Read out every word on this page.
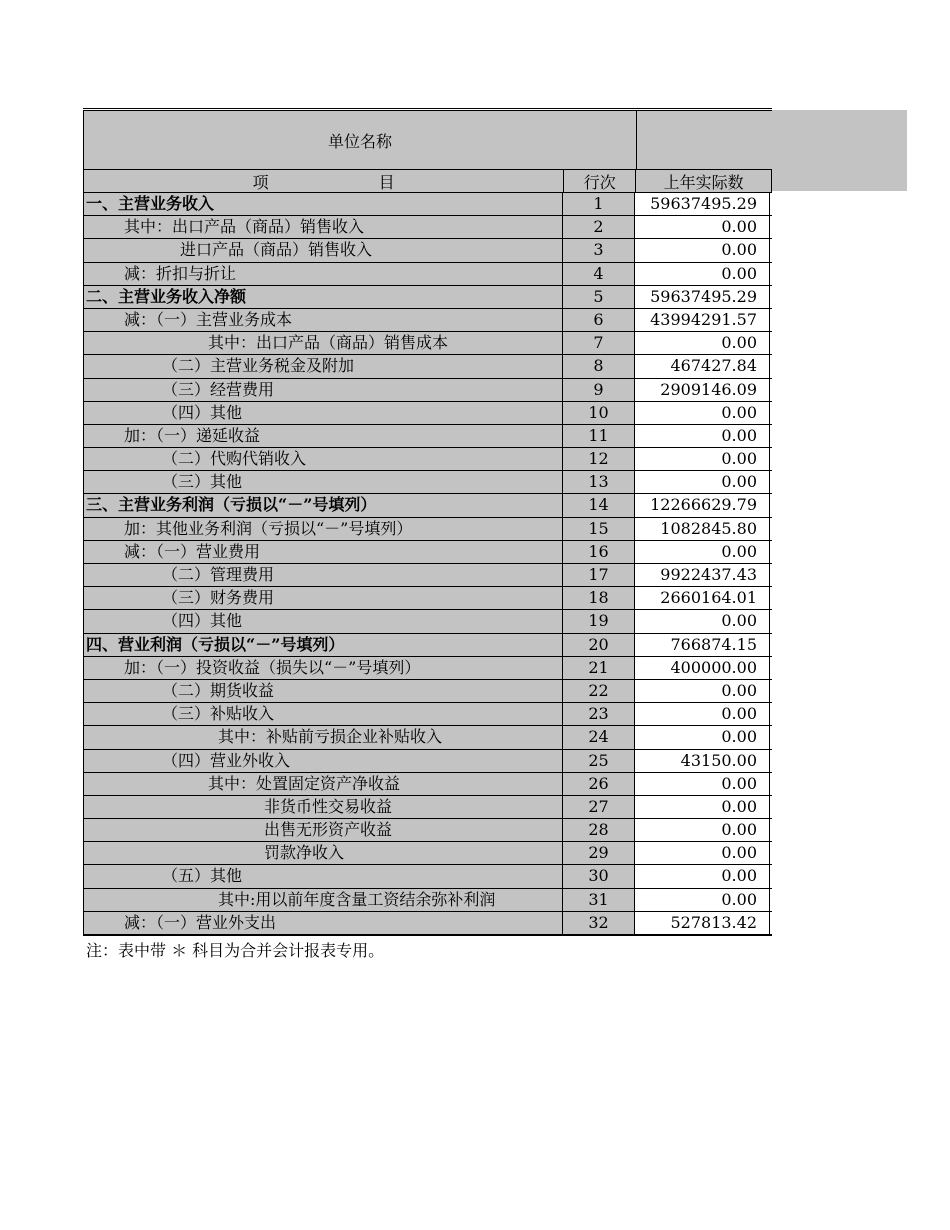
单位名称
项	目	行次	上年实际数
一、主营业务收入	1	59637495.29
其中：出口产品（商品）销售收入	2	0.00
进口产品（商品）销售收入	3	0.00
减：折扣与折让	4	0.00
二、主营业务收入净额	5	59637495.29
减：（一）主营业务成本	6	43994291.57
其中：出口产品（商品）销售成本	7	0.00
（二）主营业务税金及附加	8	467427.84
（三）经营费用	9	2909146.09
（四）其他	10	0.00
加：（一）递延收益	11	0.00
（二）代购代销收入	12	0.00
（三）其他	13	0.00
三、主营业务利润（亏损以“－”号填列）	14	12266629.79
加：其他业务利润（亏损以“－”号填列）	15	1082845.80
减：（一）营业费用	16	0.00
（二）管理费用	17	9922437.43
（三）财务费用	18	2660164.01
（四）其他	19	0.00
四、营业利润（亏损以“－”号填列）	20	766874.15
加：（一）投资收益（损失以“－”号填列）	21	400000.00
（二）期货收益	22	0.00
（三）补贴收入	23	0.00
其中：补贴前亏损企业补贴收入	24	0.00
（四）营业外收入	25	43150.00
其中：处置固定资产净收益	26	0.00
非货币性交易收益	27	0.00
出售无形资产收益	28	0.00
罚款净收入	29	0.00
（五）其他	30	0.00
其中:用以前年度含量工资结余弥补利润	31	0.00
减：（一）营业外支出	32	527813.42
注：表中带 ＊ 科目为合并会计报表专用。
